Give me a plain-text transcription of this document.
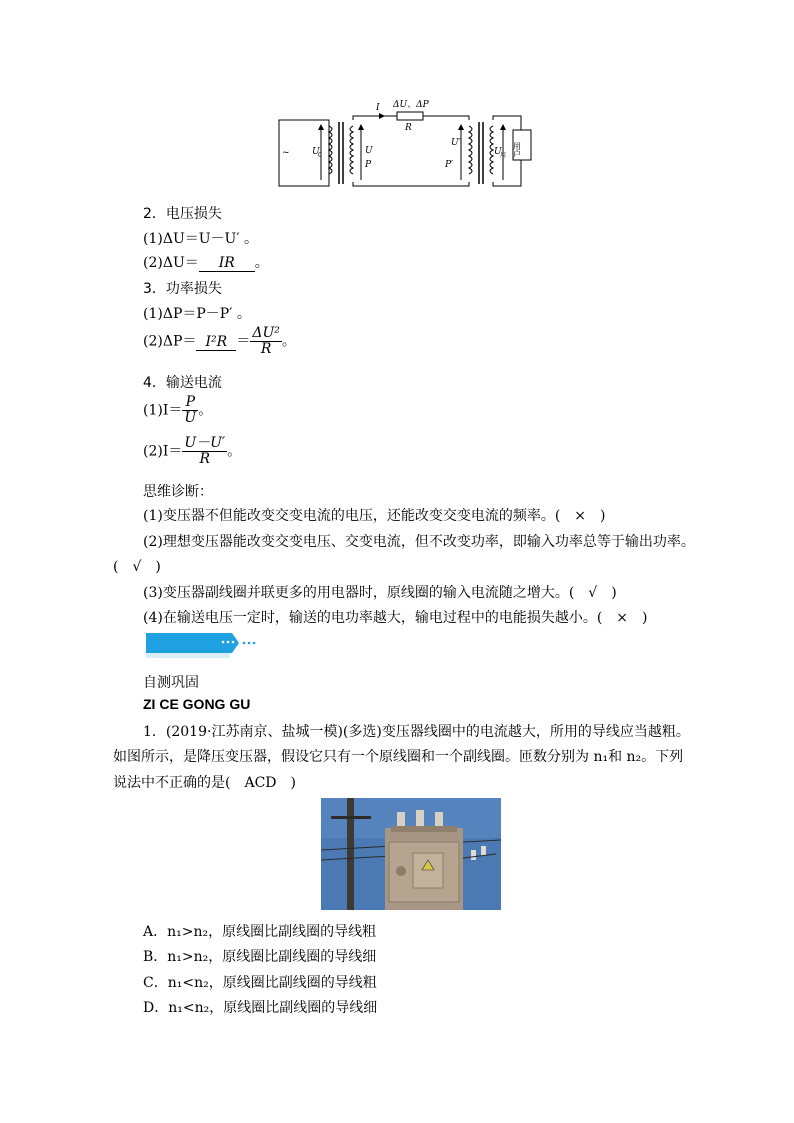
~
I ΔU、ΔP
R
U
0	U
P
U′
P′
U
用 用户
2．电压损失
(1)ΔU＝U－U′ 。
(2)ΔU＝ IR 。
3．功率损失
(1)ΔP＝P－P′ 。
$(2)\Delta P= I^2R = \frac{\text{ΔU²}}{R}$ 。
4．输送电流
$(1)I= \frac{P}{U}$ 。
$(2)I= \frac{U-U'}{R}$ 。
思维诊断：
(1)变压器不但能改变交变电流的电压，还能改变交变电流的频率。(　×　)
(2)理想变压器能改变交变电压、交变电流，但不改变功率，即输入功率总等于输出功率。
(　√　)
(3)变压器副线圈并联更多的用电器时，原线圈的输入电流随之增大。(　√　)
(4)在输送电压一定时，输送的电功率越大，输电过程中的电能损失越小。(　×　)
自测巩固
ZI CE GONG GU
1．(2019·江苏南京、盐城一模)(多选)变压器线圈中的电流越大，所用的导线应当越粗。
如图所示，是降压变压器，假设它只有一个原线圈和一个副线圈。匝数分别为 n₁和 n₂。下列
说法中不正确的是(　ACD　)
A．n₁>n₂，原线圈比副线圈的导线粗
B．n₁>n₂，原线圈比副线圈的导线细
C．n₁<n₂，原线圈比副线圈的导线粗
D．n₁<n₂，原线圈比副线圈的导线细
